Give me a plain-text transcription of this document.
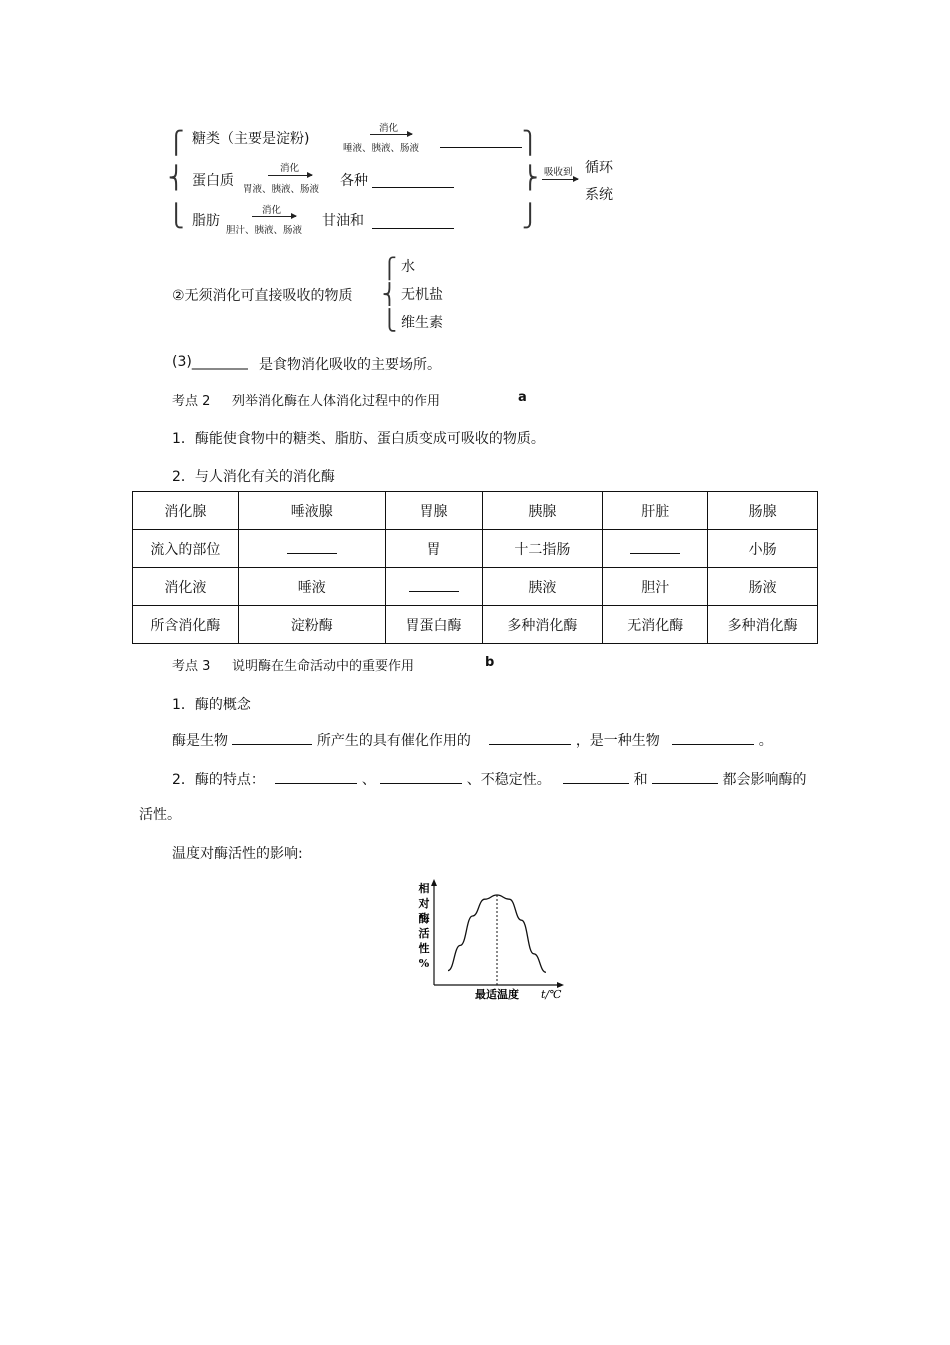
⎧
⎨
⎩
糖类（主要是淀粉)
消化
唾液、胰液、肠液
蛋白质
消化
胃液、胰液、肠液
各种
脂肪
消化
胆汁、胰液、肠液
甘油和
⎫
⎬
⎭
吸收到 循环
系统
②无须消化可直接吸收的物质
⎧
⎨
⎩
水
无机盐
维生素
(3)________ 是食物消化吸收的主要场所。
考点 2 列举消化酶在人体消化过程中的作用	a
1．酶能使食物中的糖类、脂肪、蛋白质变成可吸收的物质。
2．与人消化有关的消化酶
消化腺	唾液腺	胃腺	胰腺	肝脏	肠腺
流入的部位		胃	十二指肠		小肠
消化液	唾液		胰液	胆汁	肠液
所含消化酶	淀粉酶	胃蛋白酶	多种消化酶	无消化酶	多种消化酶
考点 3 说明酶在生命活动中的重要作用	b
1．酶的概念
酶是生物	所产生的具有催化作用的	，是一种生物	。
2．酶的特点：	、	、不稳定性。	和	都会影响酶的
活性。
温度对酶活性的影响:
相
对
酶
活
性
%
最适温度 t/℃
